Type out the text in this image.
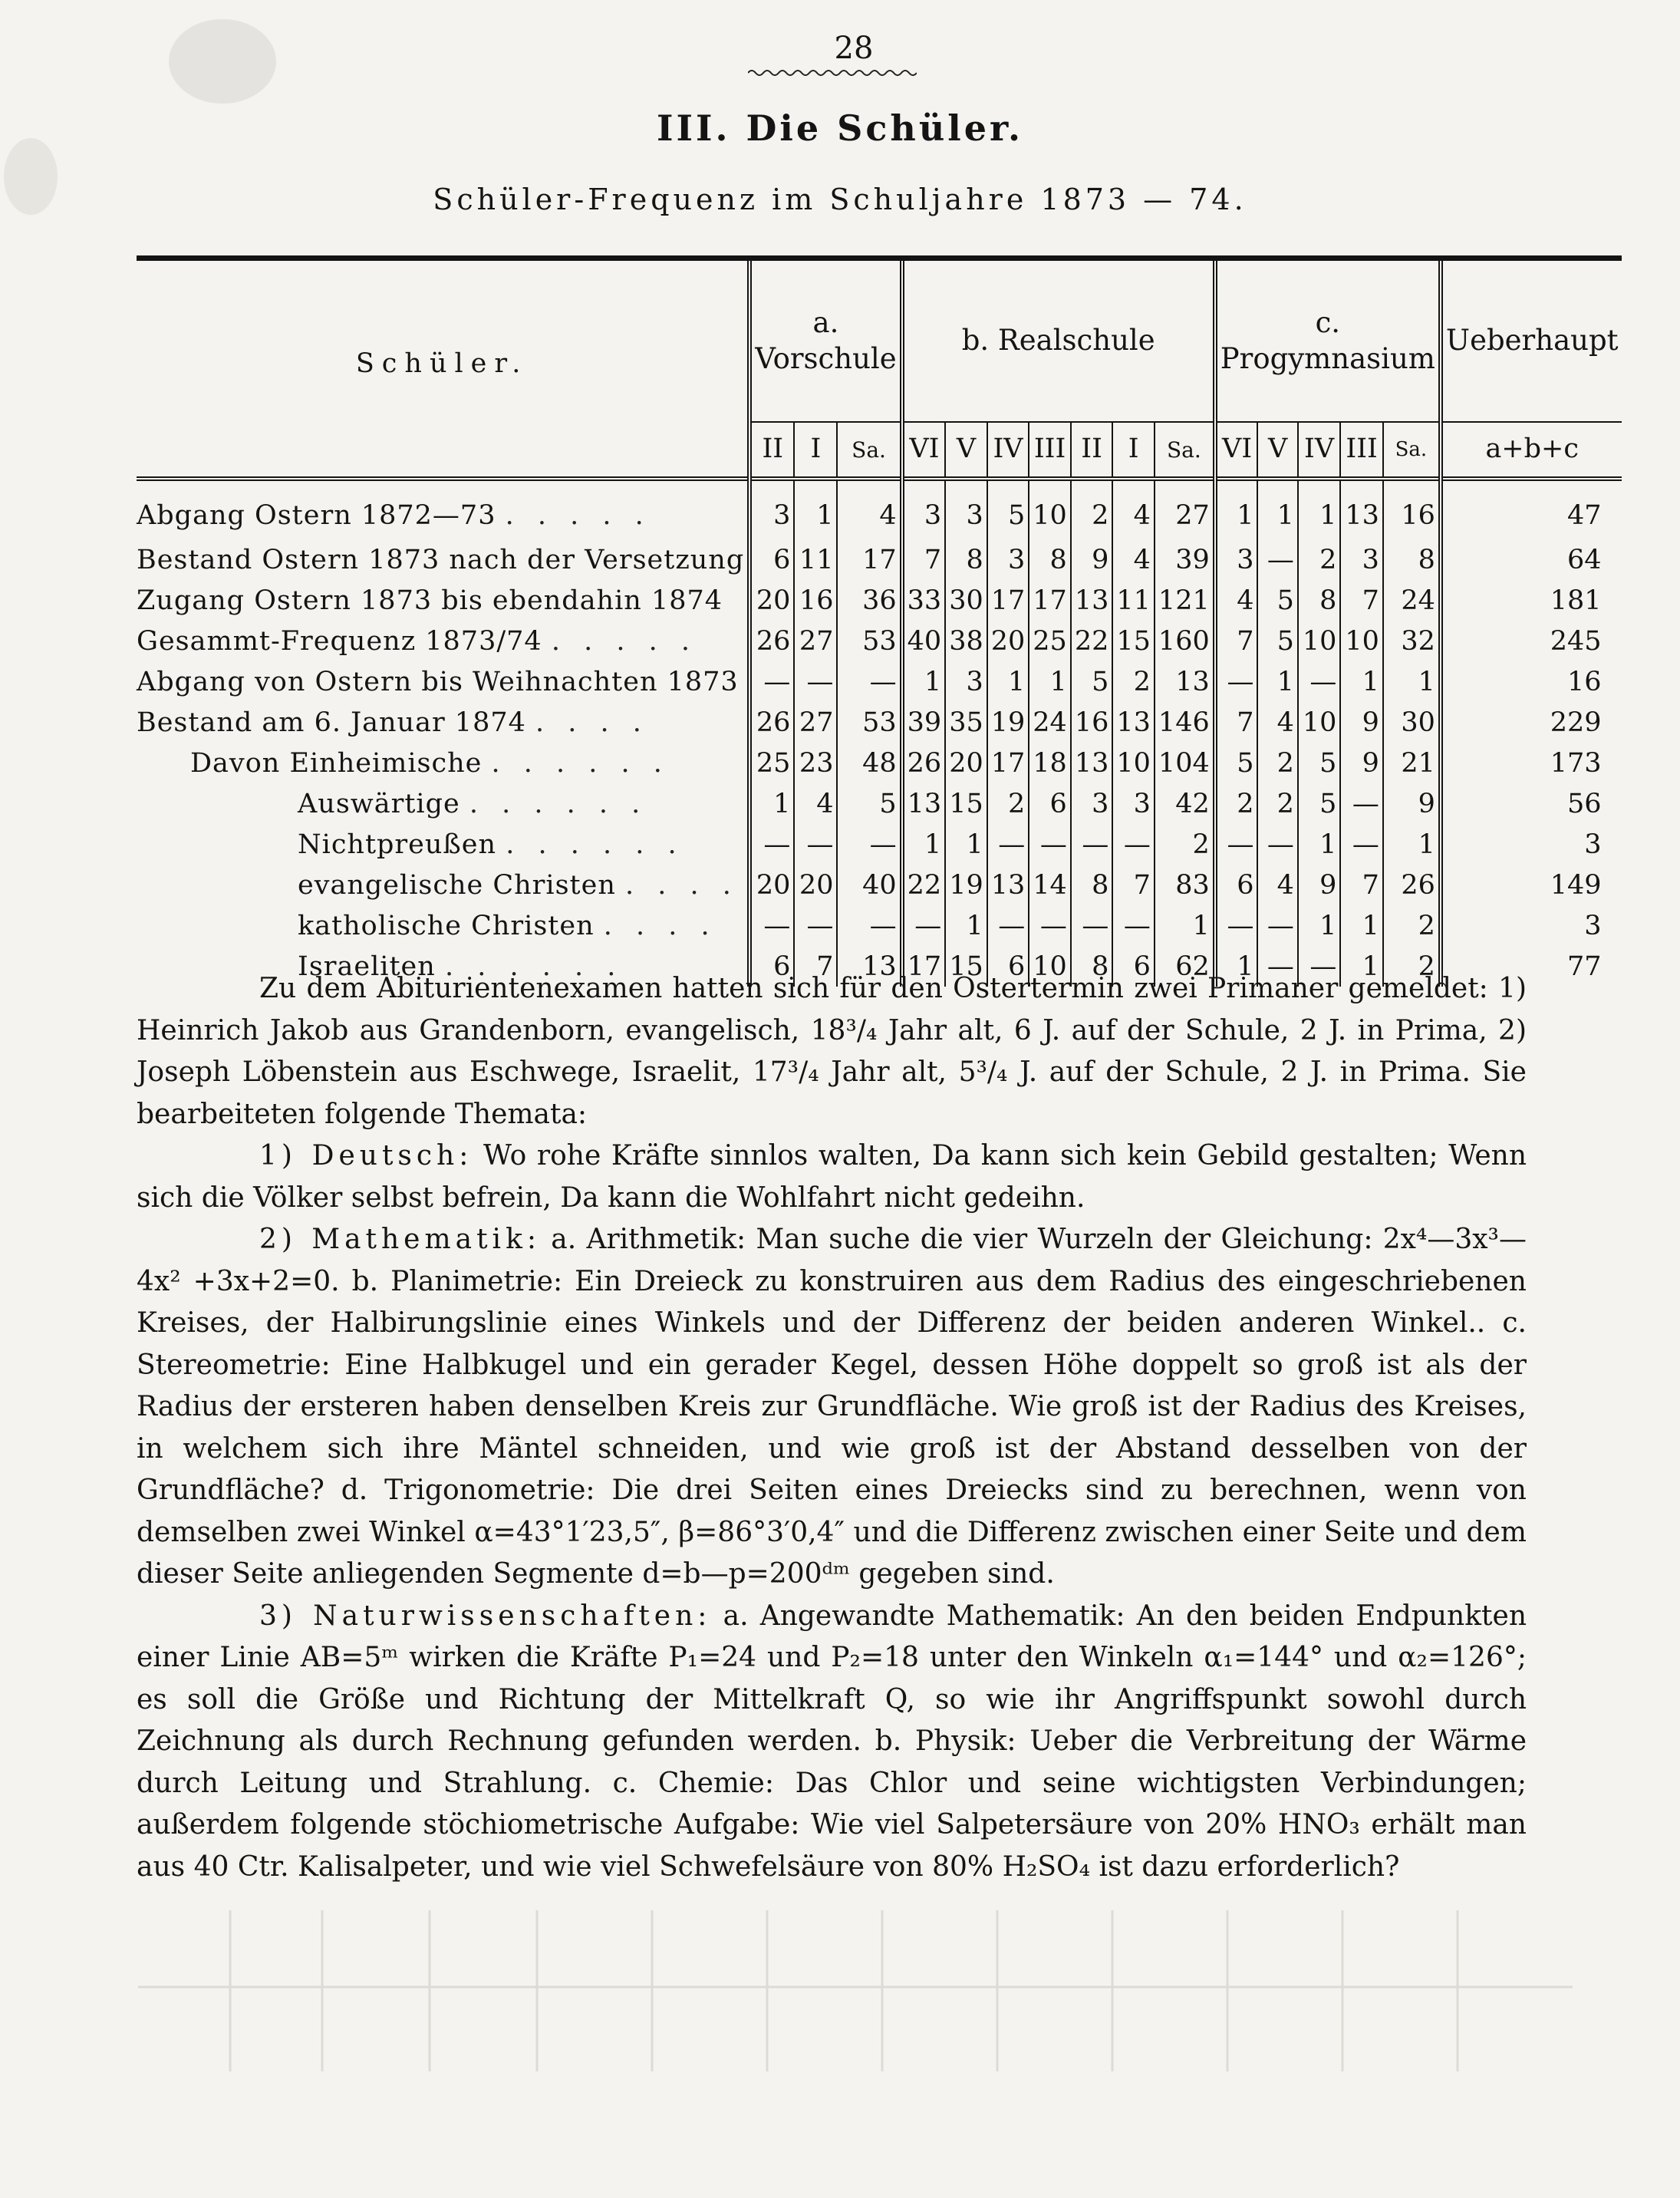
28
III. Die Schüler.
Schüler-Frequenz im Schuljahre 1873 — 74.
Schüler.	a. Vorschule			b. Realschule							c. Progymnasium					Ueberhaupt
	II	I	Sa.	VI	V	IV	III	II	I	Sa.	VI	V	IV	III	Sa.	a+b+c
Abgang Ostern 1872—73 . . . . .	3	1	4	3	3	5	10	2	4	27	1	1	1	13	16	47
Bestand Ostern 1873 nach der Versetzung	6	11	17	7	8	3	8	9	4	39	3	—	2	3	8	64
Zugang Ostern 1873 bis ebendahin 1874	20	16	36	33	30	17	17	13	11	121	4	5	8	7	24	181
Gesammt-Frequenz 1873/74 . . . . .	26	27	53	40	38	20	25	22	15	160	7	5	10	10	32	245
Abgang von Ostern bis Weihnachten 1873	—	—	—	1	3	1	1	5	2	13	—	1	—	1	1	16
Bestand am 6. Januar 1874 . . . .	26	27	53	39	35	19	24	16	13	146	7	4	10	9	30	229
Davon Einheimische . . . . . .	25	23	48	26	20	17	18	13	10	104	5	2	5	9	21	173
Auswärtige . . . . . .	1	4	5	13	15	2	6	3	3	42	2	2	5	—	9	56
Nichtpreußen . . . . . .	—	—	—	1	1	—	—	—	—	2	—	—	1	—	1	3
evangelische Christen . . . .	20	20	40	22	19	13	14	8	7	83	6	4	9	7	26	149
katholische Christen . . . .	—	—	—	—	1	—	—	—	—	1	—	—	1	1	2	3
Israeliten . . . . . .	6	7	13	17	15	6	10	8	6	62	1	—	—	1	2	77

Zu dem Abiturientenexamen hatten sich für den Ostertermin zwei Primaner gemeldet: 1) Heinrich Jakob aus Grandenborn, evangelisch, 18³/₄ Jahr alt, 6 J. auf der Schule, 2 J. in Prima, 2) Joseph Löbenstein aus Eschwege, Israelit, 17³/₄ Jahr alt, 5³/₄ J. auf der Schule, 2 J. in Prima. Sie bearbeiteten folgende Themata:

1) Deutsch: Wo rohe Kräfte sinnlos walten, Da kann sich kein Gebild gestalten; Wenn sich die Völker selbst befrein, Da kann die Wohlfahrt nicht gedeihn.

2) Mathematik: a. Arithmetik: Man suche die vier Wurzeln der Gleichung: 2x⁴—3x³—4x² +3x+2=0. b. Planimetrie: Ein Dreieck zu konstruiren aus dem Radius des eingeschriebenen Kreises, der Halbirungslinie eines Winkels und der Differenz der beiden anderen Winkel.. c. Stereometrie: Eine Halbkugel und ein gerader Kegel, dessen Höhe doppelt so groß ist als der Radius der ersteren haben denselben Kreis zur Grundfläche. Wie groß ist der Radius des Kreises, in welchem sich ihre Mäntel schneiden, und wie groß ist der Abstand desselben von der Grundfläche? d. Trigonometrie: Die drei Seiten eines Dreiecks sind zu berechnen, wenn von demselben zwei Winkel α=43°1′23,5″, β=86°3′0,4″ und die Differenz zwischen einer Seite und dem dieser Seite anliegenden Segmente d=b—p=200ᵈᵐ gegeben sind.

3) Naturwissenschaften: a. Angewandte Mathematik: An den beiden Endpunkten einer Linie AB=5ᵐ wirken die Kräfte P₁=24 und P₂=18 unter den Winkeln α₁=144° und α₂=126°; es soll die Größe und Richtung der Mittelkraft Q, so wie ihr Angriffspunkt sowohl durch Zeichnung als durch Rechnung gefunden werden. b. Physik: Ueber die Verbreitung der Wärme durch Leitung und Strahlung. c. Chemie: Das Chlor und seine wichtigsten Verbindungen; außerdem folgende stöchiometrische Aufgabe: Wie viel Salpetersäure von 20% HNO₃ erhält man aus 40 Ctr. Kalisalpeter, und wie viel Schwefelsäure von 80% H₂SO₄ ist dazu erforderlich?
